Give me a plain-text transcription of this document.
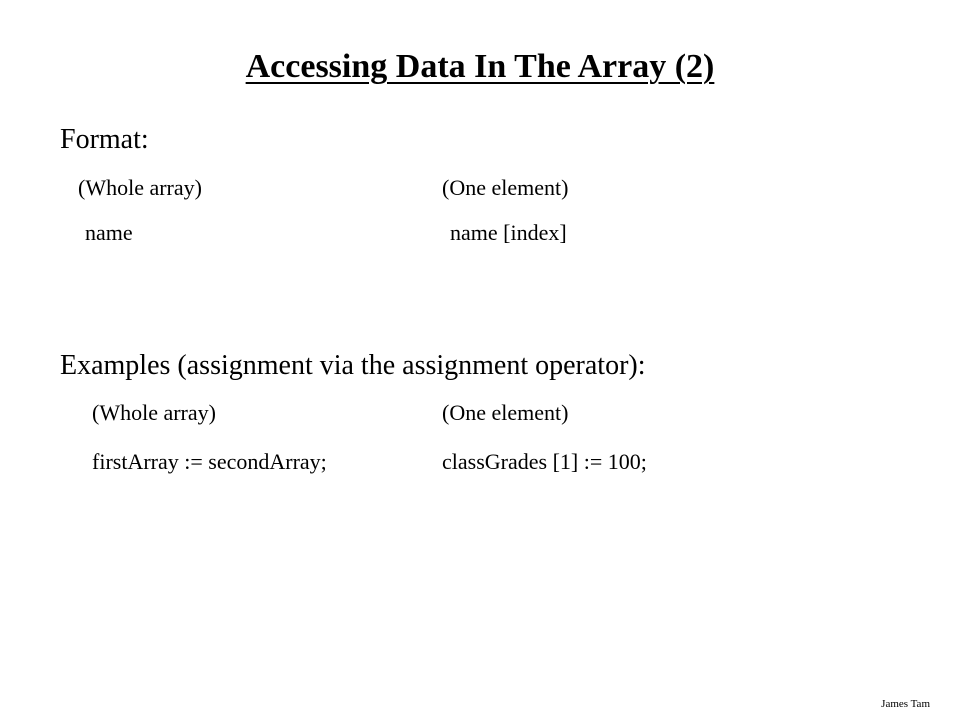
Accessing Data In The Array (2)
Format:
(Whole array)	(One element)
name	name [index]
Examples (assignment via the assignment operator):
(Whole array)	(One element)
firstArray := secondArray;	classGrades [1] := 100;
James Tam
